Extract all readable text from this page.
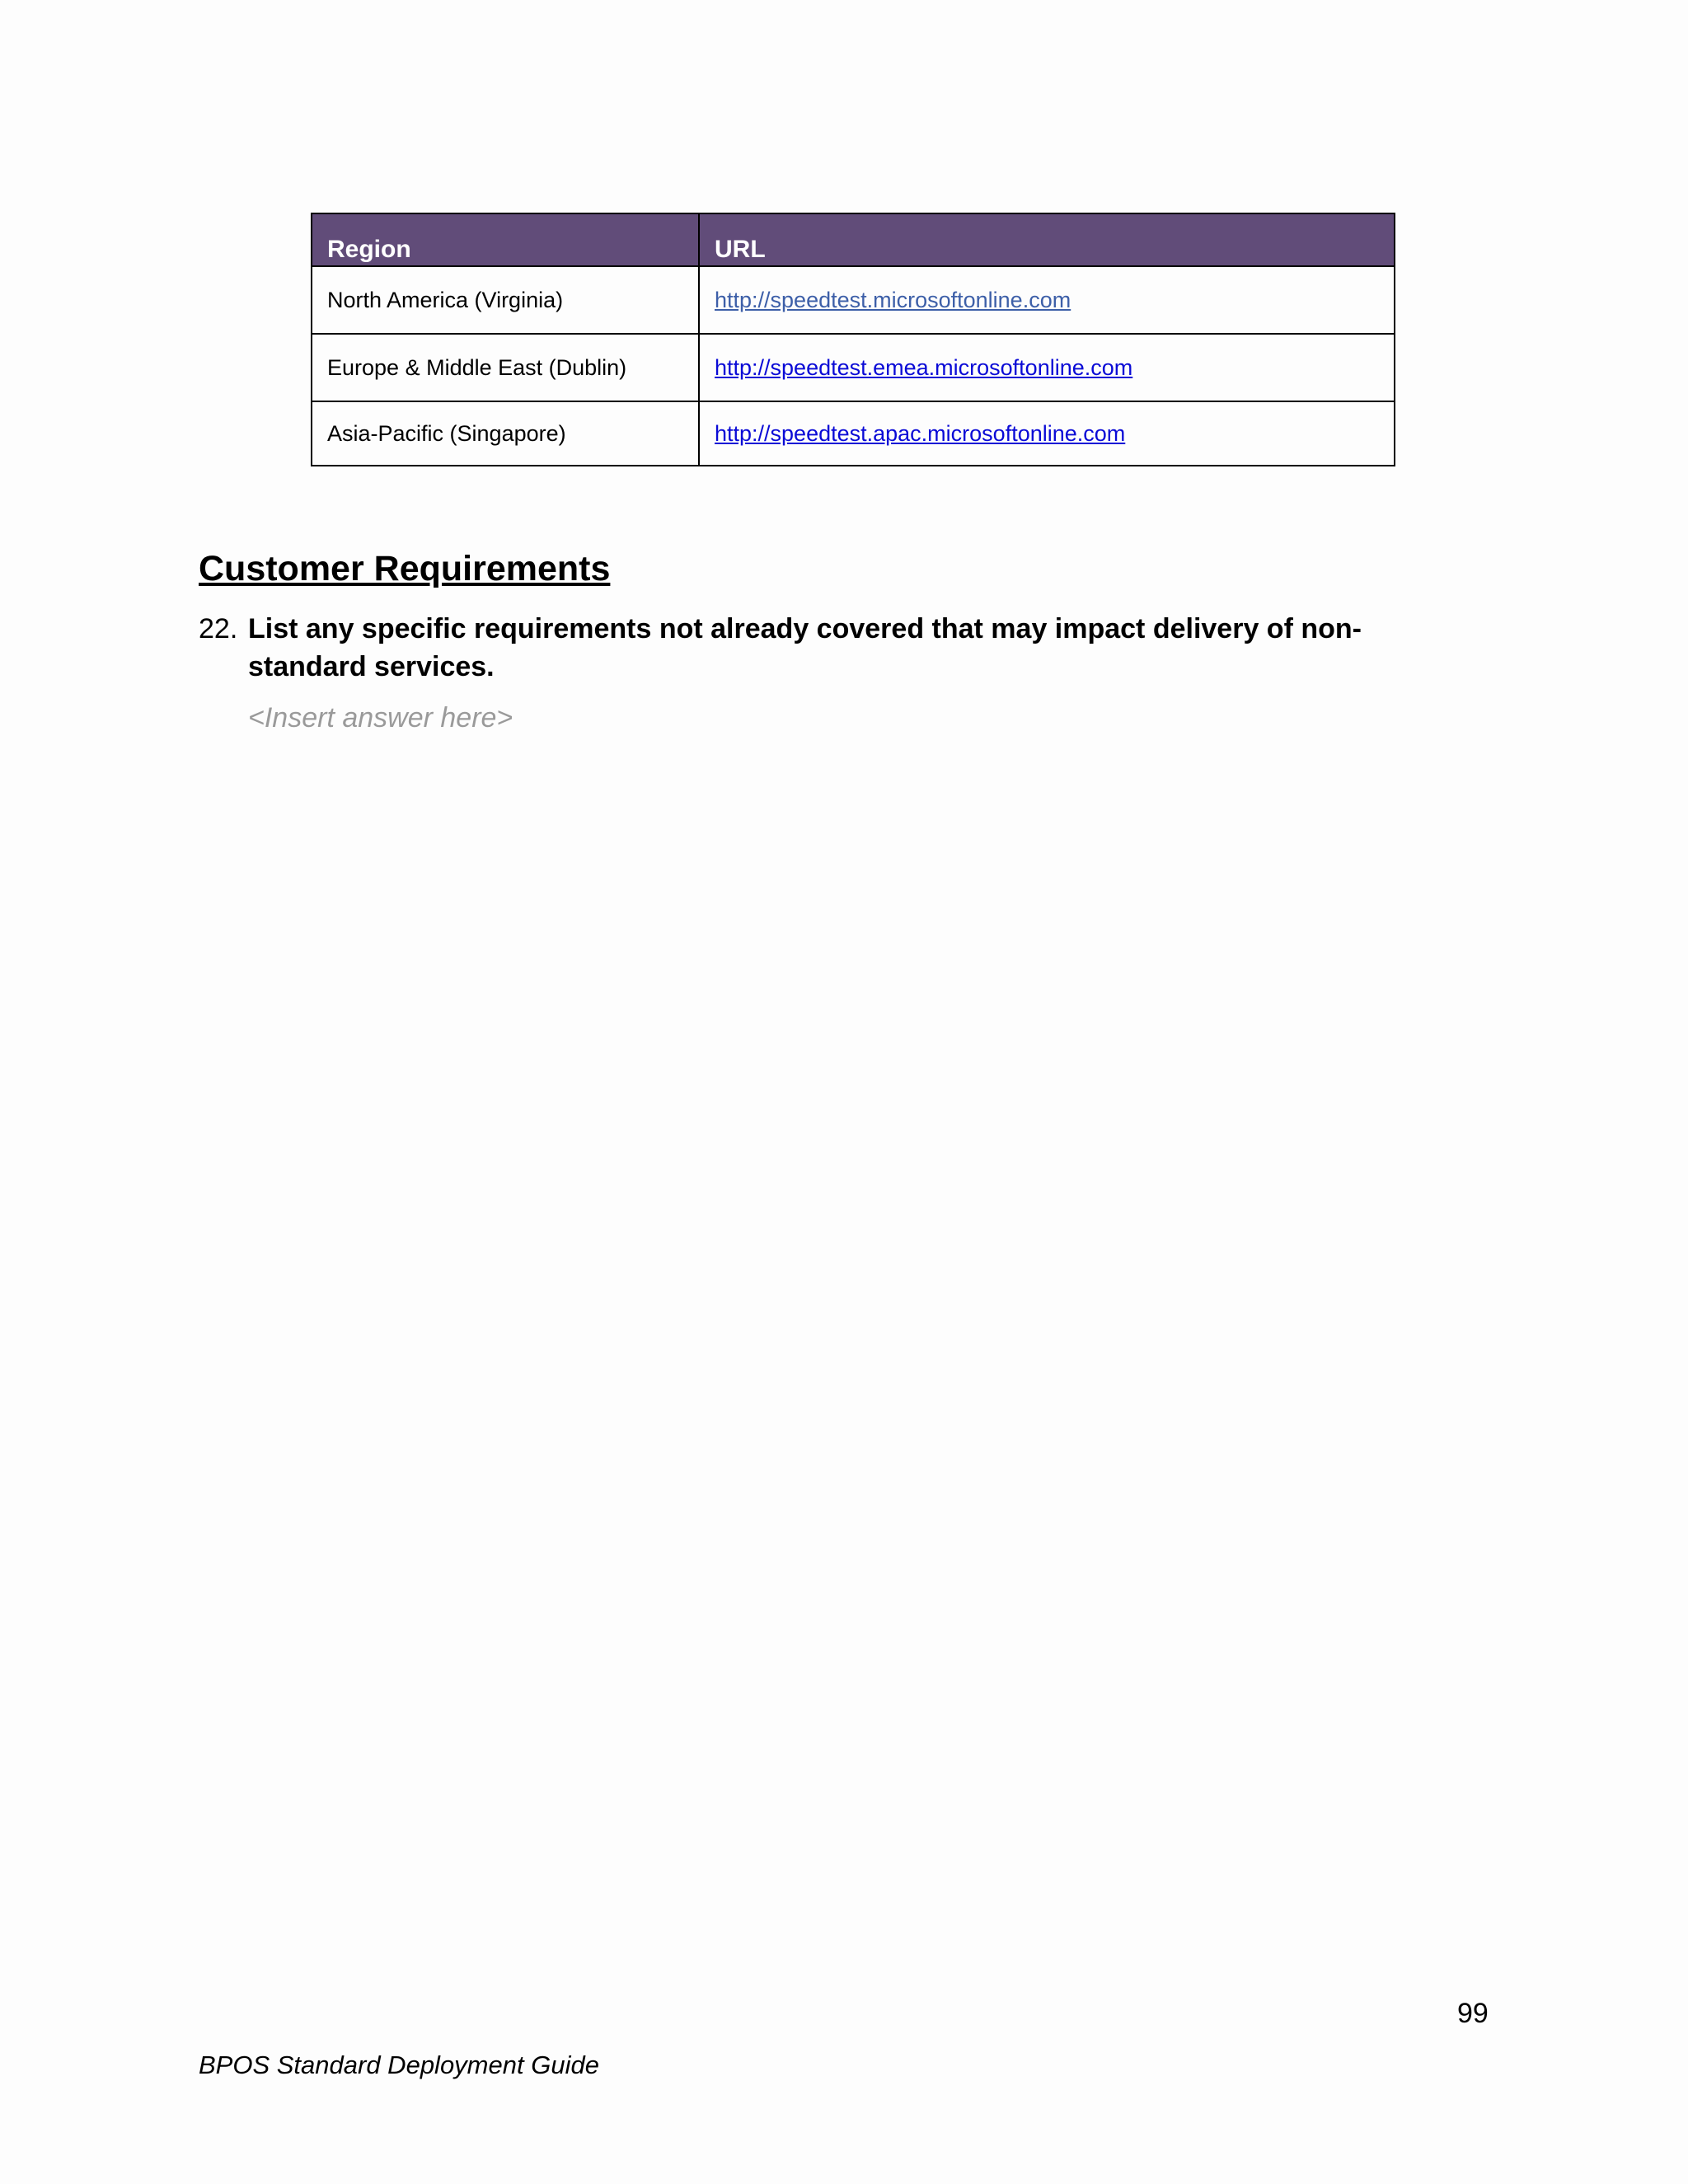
Region	URL
North America (Virginia)	http://speedtest.microsoftonline.com
Europe & Middle East (Dublin)	http://speedtest.emea.microsoftonline.com
Asia-Pacific (Singapore)	http://speedtest.apac.microsoftonline.com
Customer Requirements
22. List any specific requirements not already covered that may impact delivery of non-standard services.
<Insert answer here>
99
BPOS Standard Deployment Guide
